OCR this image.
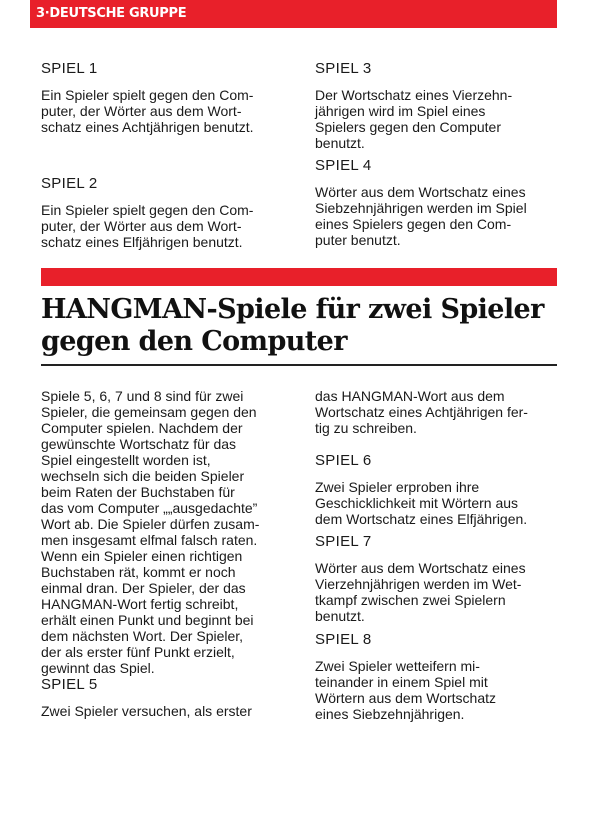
3·DEUTSCHE GRUPPE
SPIEL 1
Ein Spieler spielt gegen den Com-
puter, der Wörter aus dem Wort-
schatz eines Achtjährigen benutzt.
SPIEL 2
Ein Spieler spielt gegen den Com-
puter, der Wörter aus dem Wort-
schatz eines Elfjährigen benutzt.
SPIEL 3
Der Wortschatz eines Vierzehn-
jährigen wird im Spiel eines
Spielers gegen den Computer
benutzt.
SPIEL 4
Wörter aus dem Wortschatz eines
Siebzehnjährigen werden im Spiel
eines Spielers gegen den Com-
puter benutzt.
HANGMAN-Spiele für zwei Spieler
gegen den Computer
Spiele 5, 6, 7 und 8 sind für zwei
Spieler, die gemeinsam gegen den
Computer spielen. Nachdem der
gewünschte Wortschatz für das
Spiel eingestellt worden ist,
wechseln sich die beiden Spieler
beim Raten der Buchstaben für
das vom Computer „„ausgedachte”
Wort ab. Die Spieler dürfen zusam-
men insgesamt elfmal falsch raten.
Wenn ein Spieler einen richtigen
Buchstaben rät, kommt er noch
einmal dran. Der Spieler, der das
HANGMAN-Wort fertig schreibt,
erhält einen Punkt und beginnt bei
dem nächsten Wort. Der Spieler,
der als erster fünf Punkt erzielt,
gewinnt das Spiel.
SPIEL 5
Zwei Spieler versuchen, als erster
das HANGMAN-Wort aus dem
Wortschatz eines Achtjährigen fer-
tig zu schreiben.
SPIEL 6
Zwei Spieler erproben ihre
Geschicklichkeit mit Wörtern aus
dem Wortschatz eines Elfjährigen.
SPIEL 7
Wörter aus dem Wortschatz eines
Vierzehnjährigen werden im Wet-
tkampf zwischen zwei Spielern
benutzt.
SPIEL 8
Zwei Spieler wetteifern mi-
teinander in einem Spiel mit
Wörtern aus dem Wortschatz
eines Siebzehnjährigen.
